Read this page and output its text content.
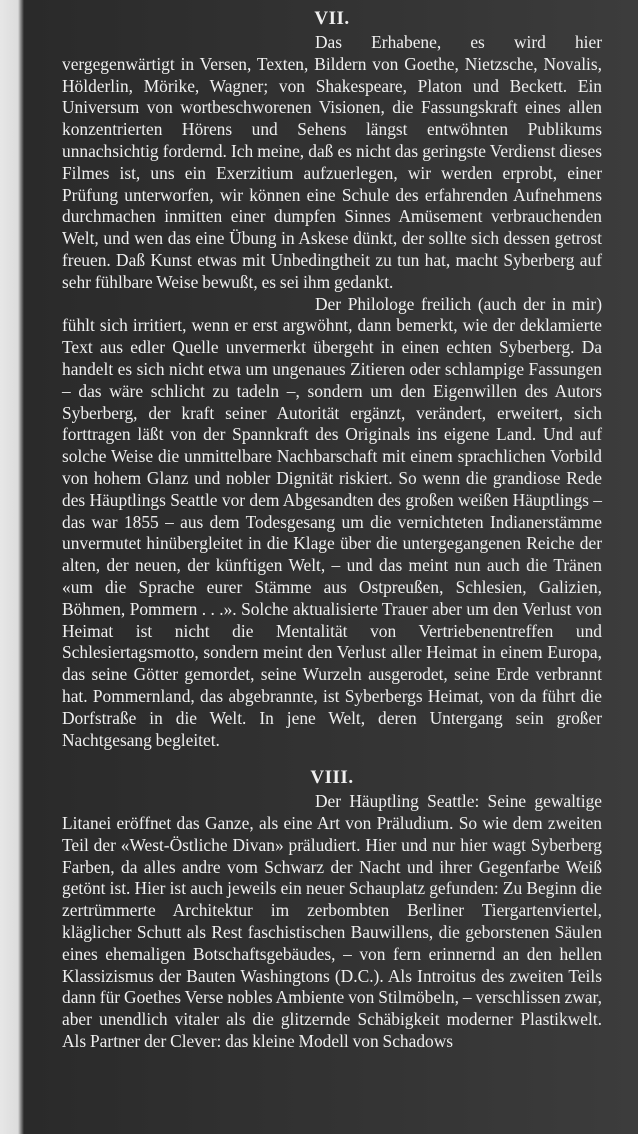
VII.

Das Erhabene, es wird hier vergegenwärtigt in Versen, Texten, Bildern von Goethe, Nietzsche, Novalis, Hölderlin, Mörike, Wagner; von Shakespeare, Platon und Beckett. Ein Universum von wortbeschworenen Visionen, die Fassungskraft eines allen konzentrierten Hörens und Sehens längst entwöhnten Publikums unnachsichtig fordernd. Ich meine, daß es nicht das geringste Verdienst dieses Filmes ist, uns ein Exerzitium aufzuerlegen, wir werden erprobt, einer Prüfung unterworfen, wir können eine Schule des erfahrenden Aufnehmens durchmachen inmitten einer dumpfen Sinnes Amüsement verbrauchenden Welt, und wen das eine Übung in Askese dünkt, der sollte sich dessen getrost freuen. Daß Kunst etwas mit Unbedingtheit zu tun hat, macht Syberberg auf sehr fühlbare Weise bewußt, es sei ihm gedankt.

Der Philologe freilich (auch der in mir) fühlt sich irritiert, wenn er erst argwöhnt, dann bemerkt, wie der deklamierte Text aus edler Quelle unvermerkt übergeht in einen echten Syberberg. Da handelt es sich nicht etwa um ungenaues Zitieren oder schlampige Fassungen – das wäre schlicht zu tadeln –, sondern um den Eigenwillen des Autors Syberberg, der kraft seiner Autorität ergänzt, verändert, erweitert, sich forttragen läßt von der Spannkraft des Originals ins eigene Land. Und auf solche Weise die unmittelbare Nachbarschaft mit einem sprachlichen Vorbild von hohem Glanz und nobler Dignität riskiert. So wenn die grandiose Rede des Häuptlings Seattle vor dem Abgesandten des großen weißen Häuptlings – das war 1855 – aus dem Todesgesang um die vernichteten Indianerstämme unvermutet hinübergleitet in die Klage über die untergegangenen Reiche der alten, der neuen, der künftigen Welt, – und das meint nun auch die Tränen «um die Sprache eurer Stämme aus Ostpreußen, Schlesien, Galizien, Böhmen, Pommern . . .». Solche aktualisierte Trauer aber um den Verlust von Heimat ist nicht die Mentalität von Vertriebenentreffen und Schlesiertagsmotto, sondern meint den Verlust aller Heimat in einem Europa, das seine Götter gemordet, seine Wurzeln ausgerodet, seine Erde verbrannt hat. Pommernland, das abgebrannte, ist Syberbergs Heimat, von da führt die Dorfstraße in die Welt. In jene Welt, deren Untergang sein großer Nachtgesang begleitet.

VIII.

Der Häuptling Seattle: Seine gewaltige Litanei eröffnet das Ganze, als eine Art von Präludium. So wie dem zweiten Teil der «West-Östliche Divan» präludiert. Hier und nur hier wagt Syberberg Farben, da alles andre vom Schwarz der Nacht und ihrer Gegenfarbe Weiß getönt ist. Hier ist auch jeweils ein neuer Schauplatz gefunden: Zu Beginn die zertrümmerte Architektur im zerbombten Berliner Tiergartenviertel, kläglicher Schutt als Rest faschistischen Bauwillens, die geborstenen Säulen eines ehemaligen Botschaftsgebäudes, – von fern erinnernd an den hellen Klassizismus der Bauten Washingtons (D.C.). Als Introitus des zweiten Teils dann für Goethes Verse nobles Ambiente von Stilmöbeln, – verschlissen zwar, aber unendlich vitaler als die glitzernde Schäbigkeit moderner Plastikwelt. Als Partner der Clever: das kleine Modell von Schadows
